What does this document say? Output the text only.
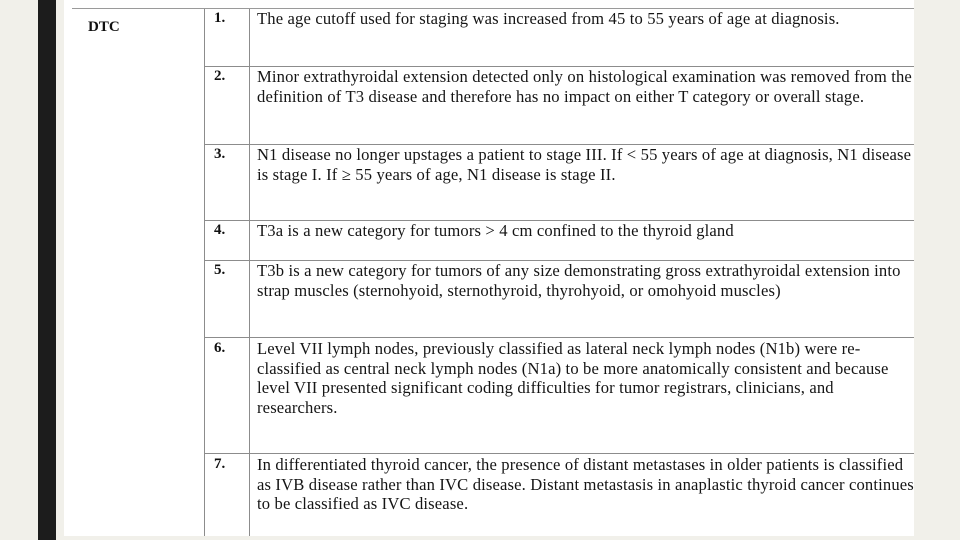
DTC
1. The age cutoff used for staging was increased from 45 to 55 years of age at diagnosis.
2. Minor extrathyroidal extension detected only on histological examination was removed from the definition of T3 disease and therefore has no impact on either T category or overall stage.
3. N1 disease no longer upstages a patient to stage III. If < 55 years of age at diagnosis, N1 disease is stage I. If ≥ 55 years of age, N1 disease is stage II.
4. T3a is a new category for tumors > 4 cm confined to the thyroid gland
5. T3b is a new category for tumors of any size demonstrating gross extrathyroidal extension into strap muscles (sternohyoid, sternothyroid, thyrohyoid, or omohyoid muscles)
6. Level VII lymph nodes, previously classified as lateral neck lymph nodes (N1b) were re-classified as central neck lymph nodes (N1a) to be more anatomically consistent and because level VII presented significant coding difficulties for tumor registrars, clinicians, and researchers.
7. In differentiated thyroid cancer, the presence of distant metastases in older patients is classified as IVB disease rather than IVC disease. Distant metastasis in anaplastic thyroid cancer continues to be classified as IVC disease.
